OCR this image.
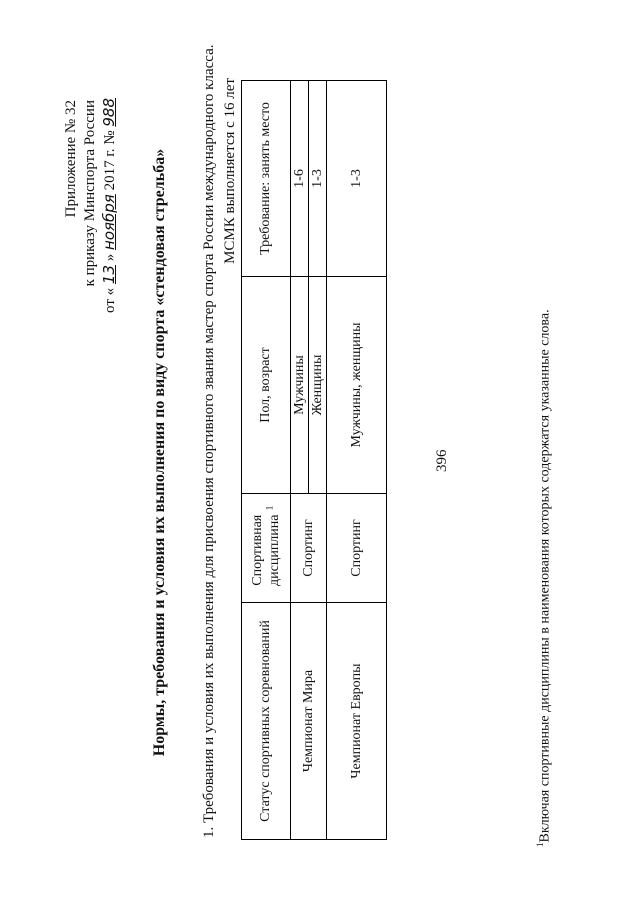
396
Приложение № 32 к приказу Минспорта России
от « 13 » ноября 2017 г. № 988
Нормы, требования и условия их выполнения по виду спорта «стендовая стрельба» 1. Требования и условия их выполнения для присвоения спортивного звания мастер спорта России международного класса. МСМК выполняется с 16 лет
Статус спортивных соревнований	Спортивная дисциплина$^1$	Пол, возраст	Требование: занять место
Чемпионат Мира	Спортинг	Мужчины	1-6
		Женщины	1-3
Чемпионат Европы	Спортинг	Мужчины, женщины	1-3
$^1$Включая спортивные дисциплины в наименования которых содержатся указанные слова.
